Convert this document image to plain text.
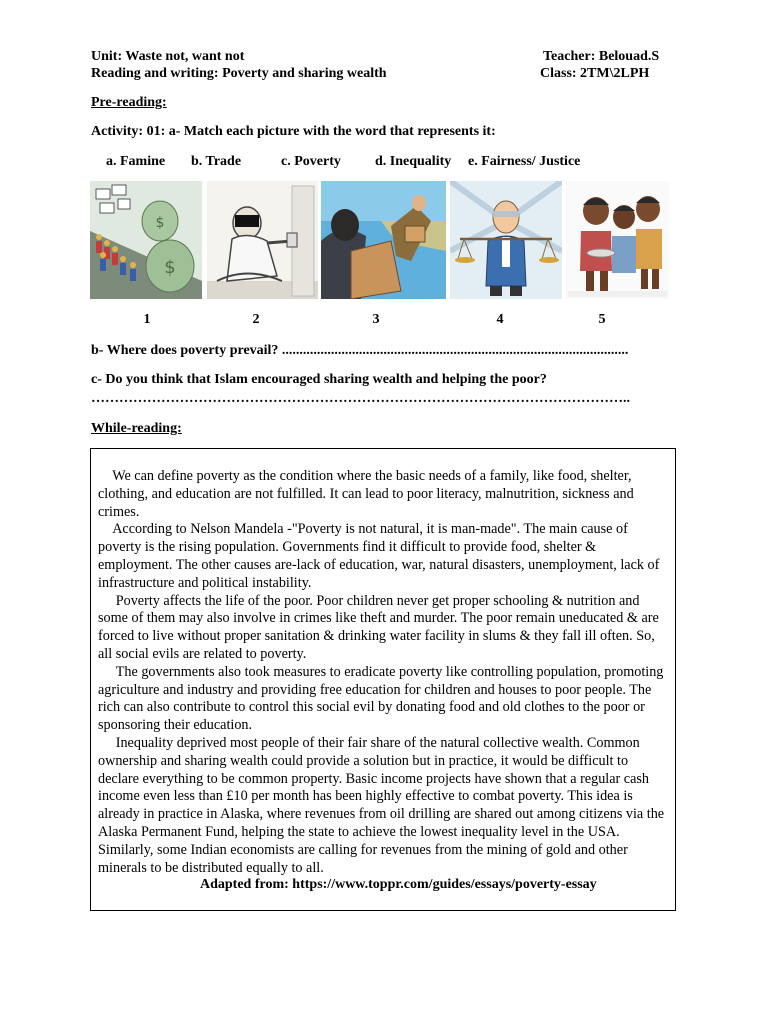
Unit: Waste not, want not
Reading and writing: Poverty and sharing wealth
Teacher: Belouad.S
Class: 2TM\2LPH
Pre-reading:
Activity: 01: a- Match each picture with the word that represents it:
a. Famine b. Trade	c. Poverty d. Inequality e. Fairness/ Justice
$
$
1	2	3	4	5
b- Where does poverty prevail? ...................................................................................................
c- Do you think that Islam encouraged sharing wealth and helping the poor?
……………………………………………………………………………………………………..
While-reading:

We can define poverty as the condition where the basic needs of a family, like food, shelter, clothing, and education are not fulfilled. It can lead to poor literacy, malnutrition, sickness and crimes.

According to Nelson Mandela -"Poverty is not natural, it is man-made". The main cause of poverty is the rising population. Governments find it difficult to provide food, shelter & employment. The other causes are-lack of education, war, natural disasters, unemployment, lack of infrastructure and political instability.

Poverty affects the life of the poor. Poor children never get proper schooling & nutrition and some of them may also involve in crimes like theft and murder. The poor remain uneducated & are forced to live without proper sanitation & drinking water facility in slums & they fall ill often. So, all social evils are related to poverty.

The governments also took measures to eradicate poverty like controlling population, promoting agriculture and industry and providing free education for children and houses to poor people. The rich can also contribute to control this social evil by donating food and old clothes to the poor or sponsoring their education.

Inequality deprived most people of their fair share of the natural collective wealth. Common ownership and sharing wealth could provide a solution but in practice, it would be difficult to declare everything to be common property. Basic income projects have shown that a regular cash income even less than £10 per month has been highly effective to combat poverty. This idea is already in practice in Alaska, where revenues from oil drilling are shared out among citizens via the Alaska Permanent Fund, helping the state to achieve the lowest inequality level in the USA. Similarly, some Indian economists are calling for revenues from the mining of gold and other minerals to be distributed equally to all.

Adapted from: https://www.toppr.com/guides/essays/poverty-essay
